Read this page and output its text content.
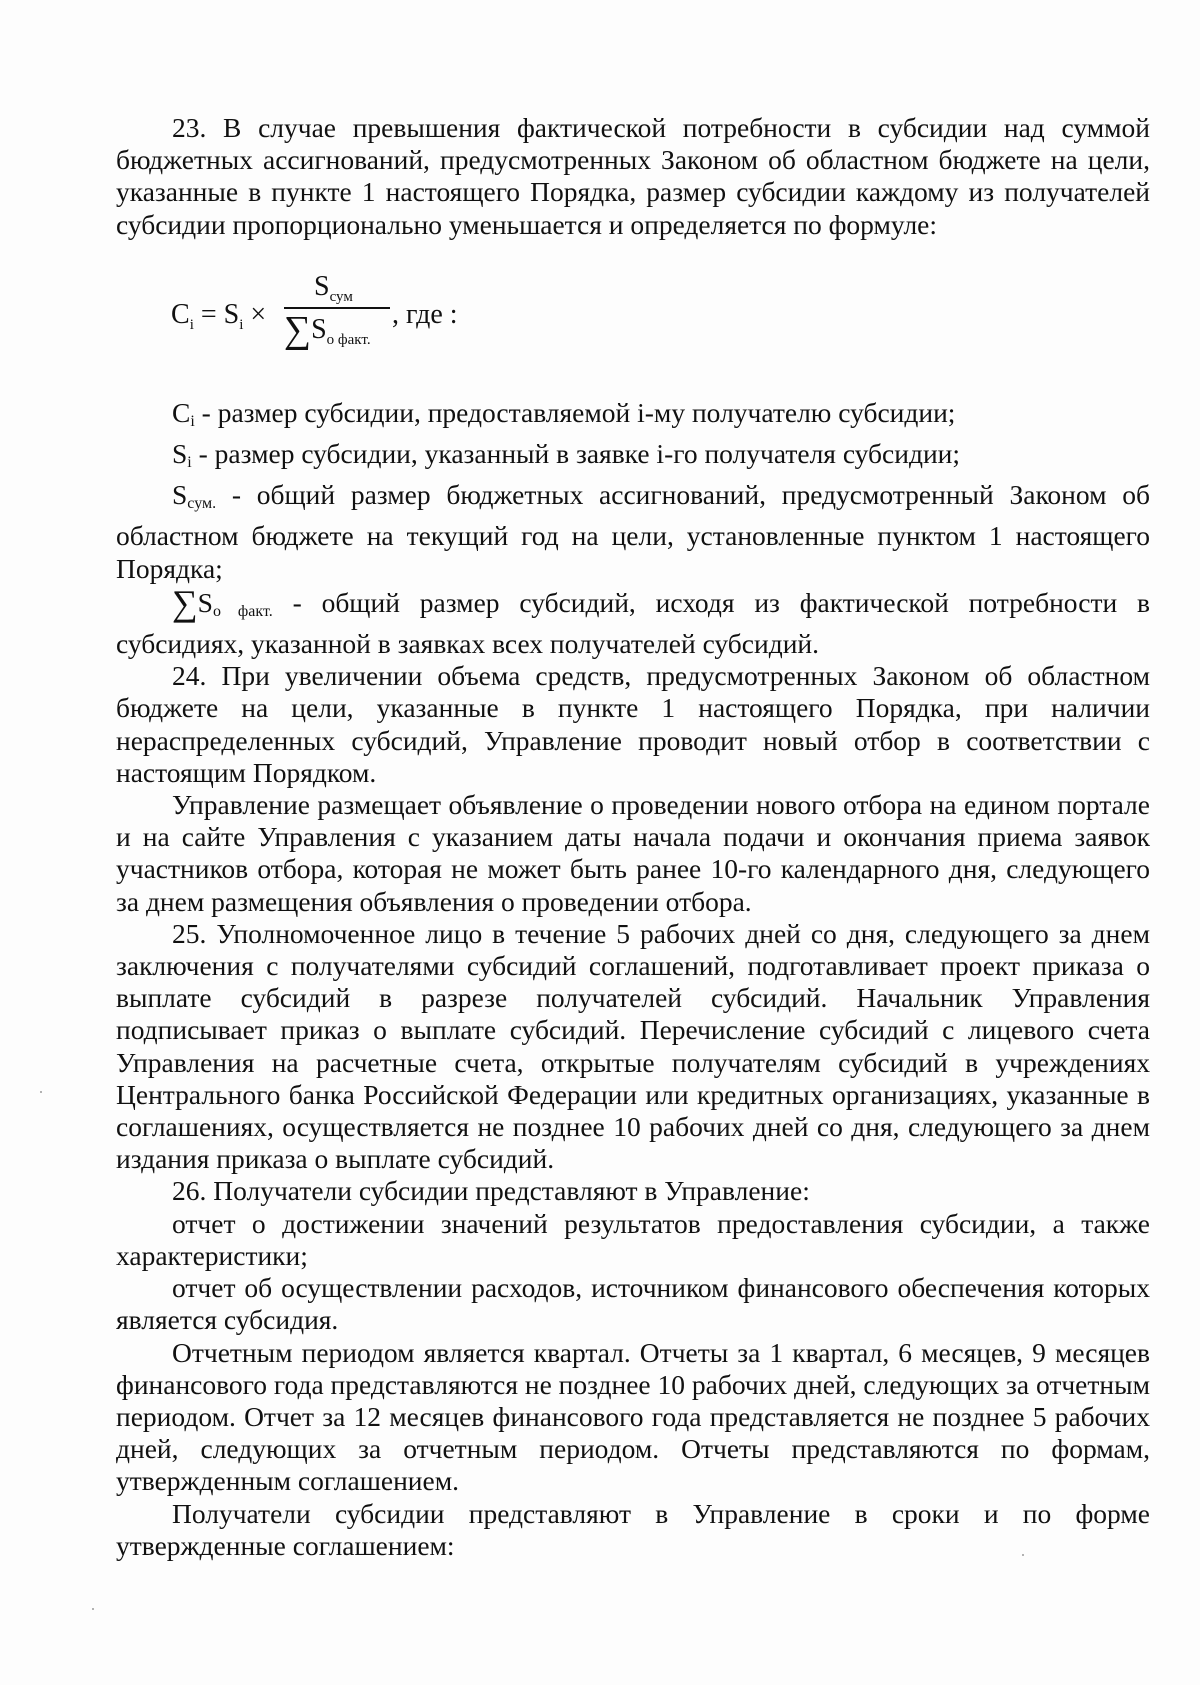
23. В случае превышения фактической потребности в субсидии над суммой бюджетных ассигнований, предусмотренных Законом об областном бюджете на цели, указанные в пункте 1 настоящего Порядка, размер субсидии каждому из получателей субсидии пропорционально уменьшается и определяется по формуле:

$C_i = S_i$ ×
$S_{сум}$
$\sum S_{о факт.}$
, где :

Ci - размер субсидии, предоставляемой i-му получателю субсидии;

Si - размер субсидии, указанный в заявке i-го получателя субсидии;

Sсум. - общий размер бюджетных ассигнований, предусмотренный Законом об областном бюджете на текущий год на цели, установленные пунктом 1 настоящего Порядка;

∑Sо факт. - общий размер субсидий, исходя из фактической потребности в субсидиях, указанной в заявках всех получателей субсидий.

24. При увеличении объема средств, предусмотренных Законом об областном бюджете на цели, указанные в пункте 1 настоящего Порядка, при наличии нераспределенных субсидий, Управление проводит новый отбор в соответствии с настоящим Порядком.

Управление размещает объявление о проведении нового отбора на едином портале и на сайте Управления с указанием даты начала подачи и окончания приема заявок участников отбора, которая не может быть ранее 10-го календарного дня, следующего за днем размещения объявления о проведении отбора.

25. Уполномоченное лицо в течение 5 рабочих дней со дня, следующего за днем заключения с получателями субсидий соглашений, подготавливает проект приказа о выплате субсидий в разрезе получателей субсидий. Начальник Управления подписывает приказ о выплате субсидий. Перечисление субсидий с лицевого счета Управления на расчетные счета, открытые получателям субсидий в учреждениях Центрального банка Российской Федерации или кредитных организациях, указанные в соглашениях, осуществляется не позднее 10 рабочих дней со дня, следующего за днем издания приказа о выплате субсидий.

26. Получатели субсидии представляют в Управление:

отчет о достижении значений результатов предоставления субсидии, а также характеристики;

отчет об осуществлении расходов, источником финансового обеспечения которых является субсидия.

Отчетным периодом является квартал. Отчеты за 1 квартал, 6 месяцев, 9 месяцев финансового года представляются не позднее 10 рабочих дней, следующих за отчетным периодом. Отчет за 12 месяцев финансового года представляется не позднее 5 рабочих дней, следующих за отчетным периодом. Отчеты представляются по формам, утвержденным соглашением.

Получатели субсидии представляют в Управление в сроки и по форме утвержденные соглашением:
